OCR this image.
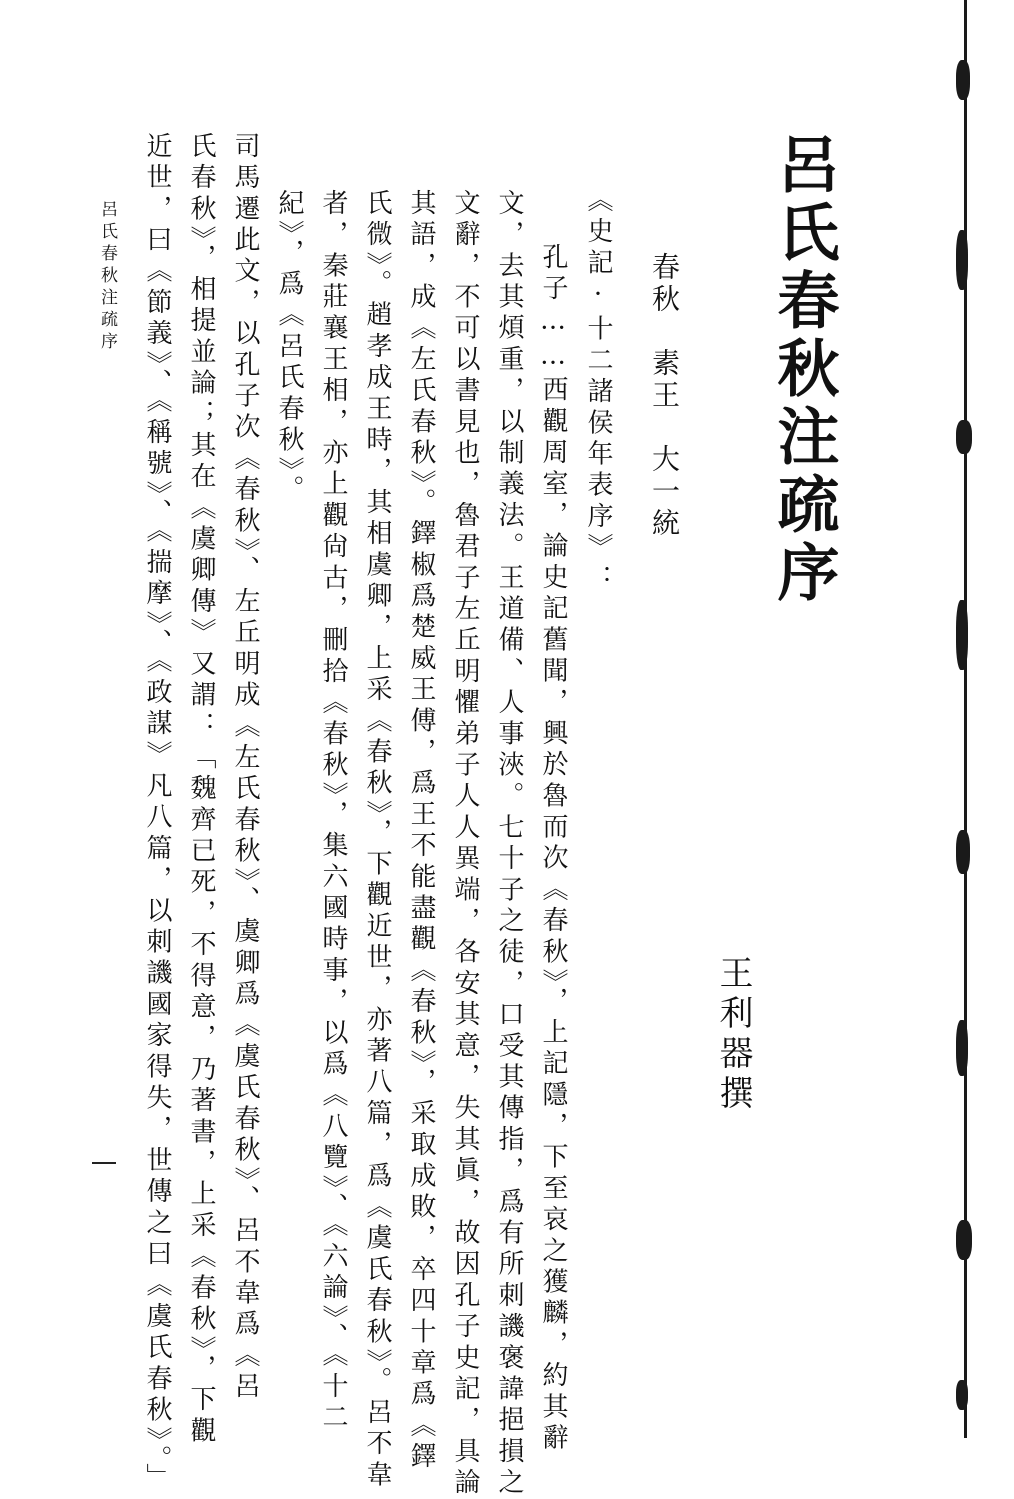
呂氏春秋注疏序
王利器撰
春秋　素王　大一統
《史記·十二諸侯年表序》：
孔子……西觀周室，論史記舊聞，興於魯而次《春秋》，上記隱，下至哀之獲麟，約其辭
文，去其煩重，以制義法。王道備、人事浹。七十子之徒，口受其傳指，爲有所刺譏褒諱挹損之
文辭，不可以書見也，魯君子左丘明懼弟子人人異端，各安其意，失其眞，故因孔子史記，具論
其語，成《左氏春秋》。鐸椒爲楚威王傅，爲王不能盡觀《春秋》，采取成敗，卒四十章爲《鐸
氏微》。趙孝成王時，其相虞卿，上采《春秋》，下觀近世，亦著八篇，爲《虞氏春秋》。呂不韋
者，秦莊襄王相，亦上觀尙古，刪拾《春秋》，集六國時事，以爲《八覽》、《六論》、《十二
紀》，爲《呂氏春秋》。
司馬遷此文，以孔子次《春秋》、左丘明成《左氏春秋》、虞卿爲《虞氏春秋》、呂不韋爲《呂
氏春秋》，相提並論；其在《虞卿傳》又謂：「魏齊已死，不得意，乃著書，上采《春秋》，下觀
近世，曰《節義》、《稱號》、《揣摩》、《政謀》凡八篇，以刺譏國家得失，世傳之曰《虞氏春秋》。」
呂氏春秋注疏序
